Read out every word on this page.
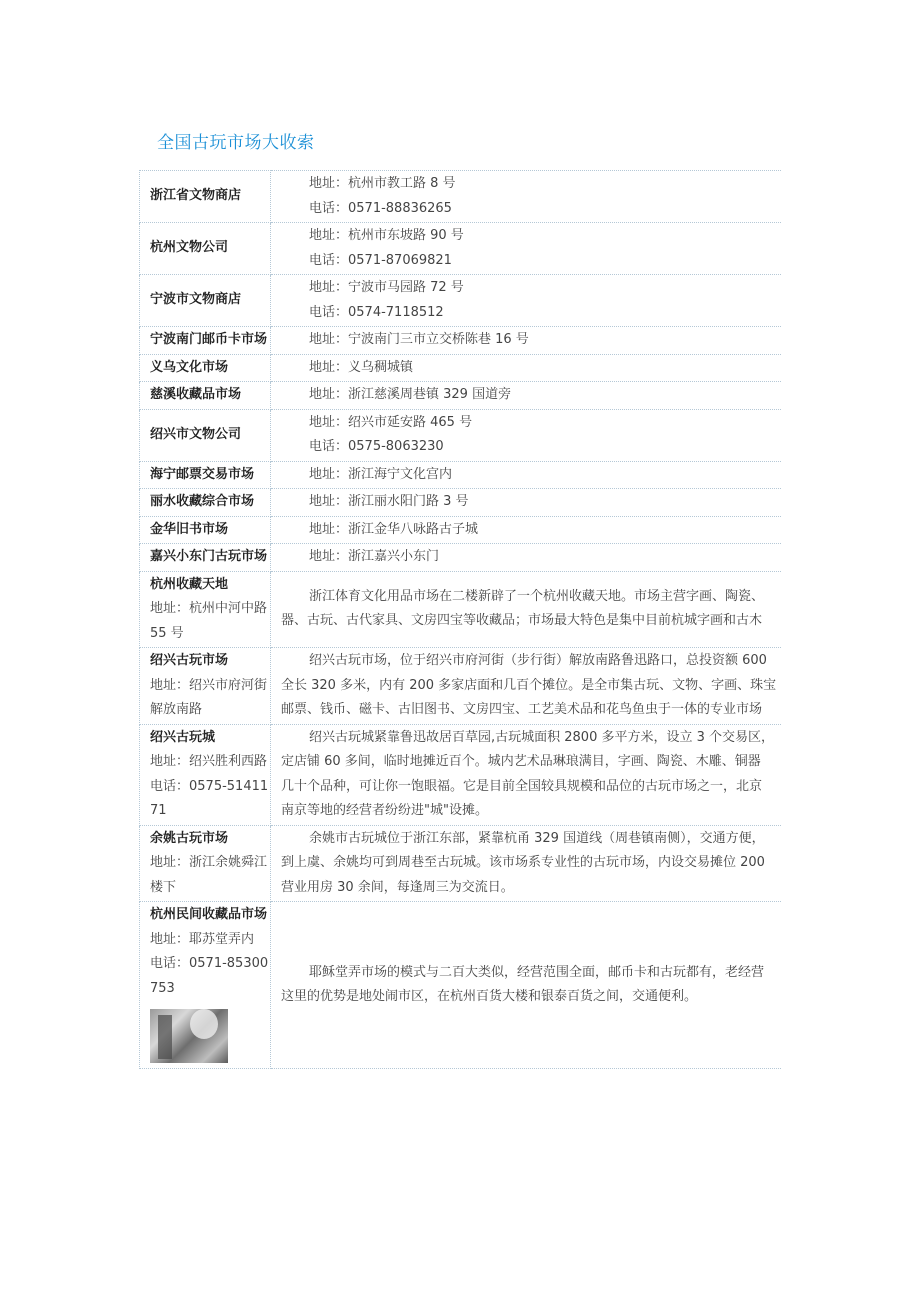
全国古玩市场大收索
浙江省文物商店	地址：杭州市教工路 8 号
电话：0571-88836265

杭州文物公司	地址：杭州市东坡路 90 号
电话：0571-87069821

宁波市文物商店	地址：宁波市马园路 72 号
电话：0574-7118512

宁波南门邮币卡市场	地址：宁波南门三市立交桥陈巷 16 号

义乌文化市场	地址：义乌稠城镇

慈溪收藏品市场	地址：浙江慈溪周巷镇 329 国道旁

绍兴市文物公司	地址：绍兴市延安路 465 号
电话：0575-8063230

海宁邮票交易市场	地址：浙江海宁文化宫内

丽水收藏综合市场	地址：浙江丽水阳门路 3 号

金华旧书市场	地址：浙江金华八咏路古子城

嘉兴小东门古玩市场	地址：浙江嘉兴小东门

杭州收藏天地
地址：杭州中河中路 55 号	浙江体育文化用品市场在二楼新辟了一个杭州收藏天地。市场主营字画、陶瓷、
器、古玩、古代家具、文房四宝等收藏品；市场最大特色是集中目前杭城字画和古木

绍兴古玩市场
地址：绍兴市府河街解放南路	绍兴古玩市场，位于绍兴市府河街（步行街）解放南路鲁迅路口，总投资额 600
全长 320 多米，内有 200 多家店面和几百个摊位。是全市集古玩、文物、字画、珠宝
邮票、钱币、磁卡、古旧图书、文房四宝、工艺美术品和花鸟鱼虫于一体的专业市场

绍兴古玩城
地址：绍兴胜利西路
电话：0575-5141171	绍兴古玩城紧靠鲁迅故居百草园,古玩城面积 2800 多平方米，设立 3 个交易区，
定店铺 60 多间，临时地摊近百个。城内艺术品琳琅满目，字画、陶瓷、木雕、铜器
几十个品种，可让你一饱眼福。它是目前全国较具规模和品位的古玩市场之一，北京
南京等地的经营者纷纷进"城"设摊。

余姚古玩市场
地址：浙江余姚舜江楼下	余姚市古玩城位于浙江东部，紧靠杭甬 329 国道线（周巷镇南侧），交通方便，
到上虞、余姚均可到周巷至古玩城。该市场系专业性的古玩市场，内设交易摊位 200
营业用房 30 余间，每逢周三为交流日。

杭州民间收藏品市场
地址：耶苏堂弄内
电话：0571-85300753	耶稣堂弄市场的模式与二百大类似，经营范围全面，邮币卡和古玩都有，老经营
这里的优势是地处闹市区，在杭州百货大楼和银泰百货之间，交通便利。
